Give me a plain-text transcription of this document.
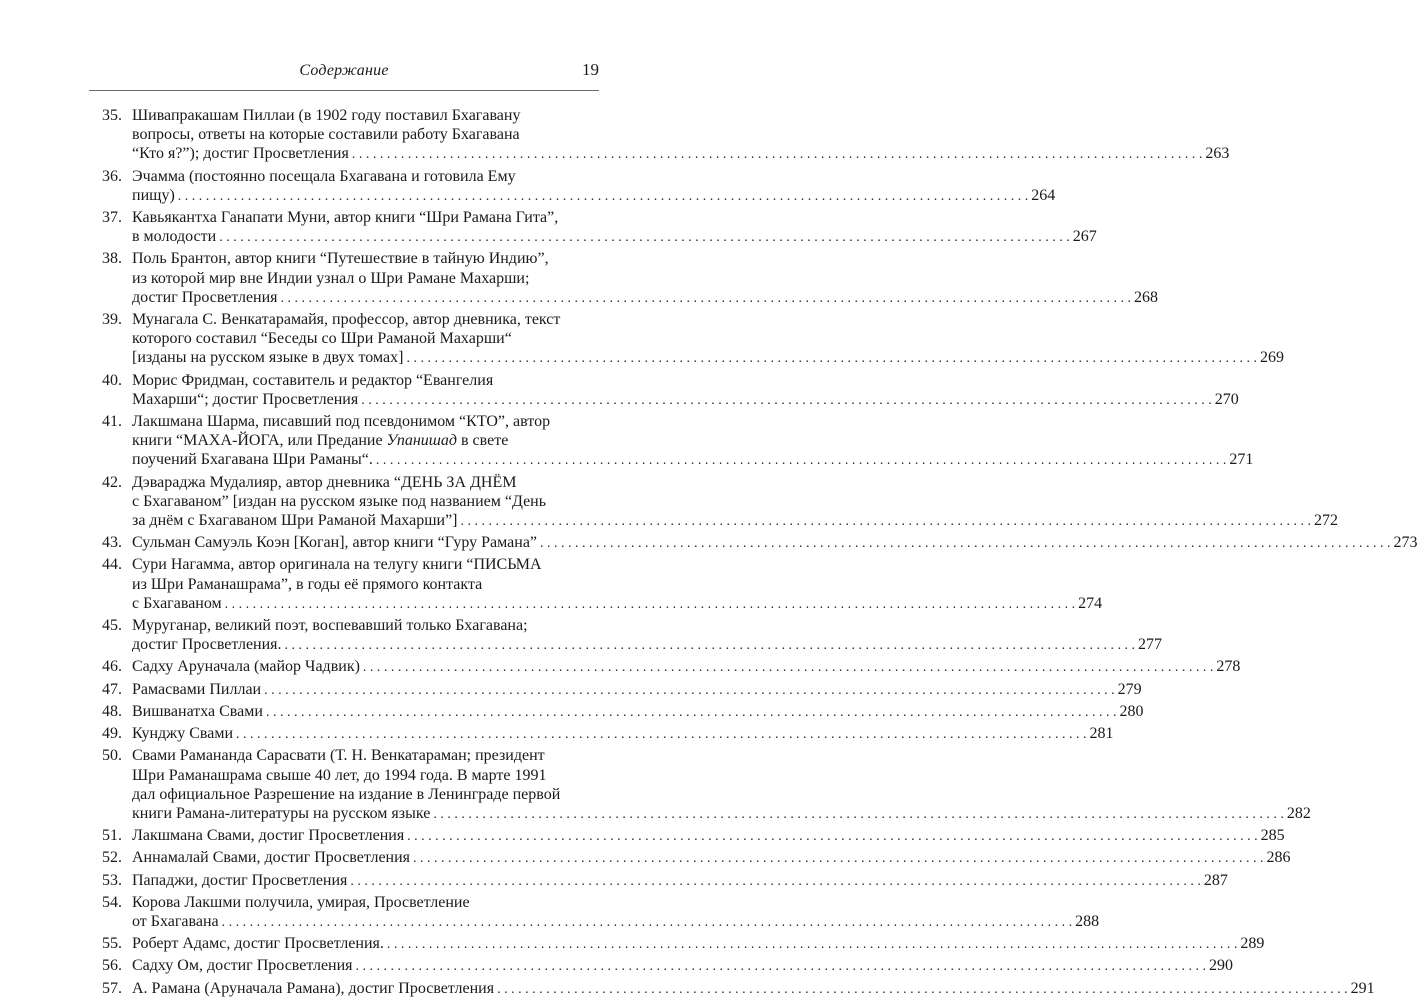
Содержание	19
35. Шивапракашам Пиллаи (в 1902 году поставил Бхагавану
вопросы, ответы на которые составили работу Бхагавана
“Кто я?”); достиг Просветления . . .	263
36. Эчамма (постоянно посещала Бхагавана и готовила Ему
пищу) . . .	264
37. Кавьякантха Ганапати Муни, автор книги “Шри Рамана Гита”,
в молодости . . .	267
38. Поль Брантон, автор книги “Путешествие в тайную Индию”,
из которой мир вне Индии узнал о Шри Рамане Махарши;
достиг Просветления . . .	268
39. Мунагала С. Венкатарамайя, профессор, автор дневника, текст
которого составил “Беседы со Шри Раманой Махарши“
[изданы на русском языке в двух томах] . . .	269
40. Морис Фридман, составитель и редактор “Евангелия
Махарши“; достиг Просветления . . .	270
41. Лакшмана Шарма, писавший под псевдонимом “КТО”, автор
книги “МАХА-ЙОГА, или Предание Упанишад в свете
поучений Бхагавана Шри Раманы“. . . .	271
42. Дэвараджа Мудалияр, автор дневника “ДЕНЬ ЗА ДНЁМ
с Бхагаваном” [издан на русском языке под названием “День
за днём с Бхагаваном Шри Раманой Махарши”] . . .	272
43. Сульман Самуэль Коэн [Коган], автор книги “Гуру Рамана” . . .	273
44. Сури Нагамма, автор оригинала на телугу книги “ПИСЬМА
из Шри Раманашрама”, в годы её прямого контакта
с Бхагаваном . . .	274
45. Муруганар, великий поэт, воспевавший только Бхагавана;
достиг Просветления. . . .	277
46. Садху Аруначала (майор Чадвик) . . .	278
47. Рамасвами Пиллаи . . .	279
48. Вишванатха Свами . . .	280
49. Кунджу Свами . . .	281
50. Свами Рамананда Сарасвати (Т. Н. Венкатараман; президент
Шри Раманашрама свыше 40 лет, до 1994 года. В марте 1991
дал официальное Разрешение на издание в Ленинграде первой
книги Рамана-литературы на русском языке . . .	282
51. Лакшмана Свами, достиг Просветления . . .	285
52. Аннамалай Свами, достиг Просветления . . .	286
53. Пападжи, достиг Просветления . . .	287
54. Корова Лакшми получила, умирая, Просветление
от Бхагавана . . .	288
55. Роберт Адамс, достиг Просветления. . . .	289
56. Садху Ом, достиг Просветления . . .	290
57. А. Рамана (Аруначала Рамана), достиг Просветления . . .	291
